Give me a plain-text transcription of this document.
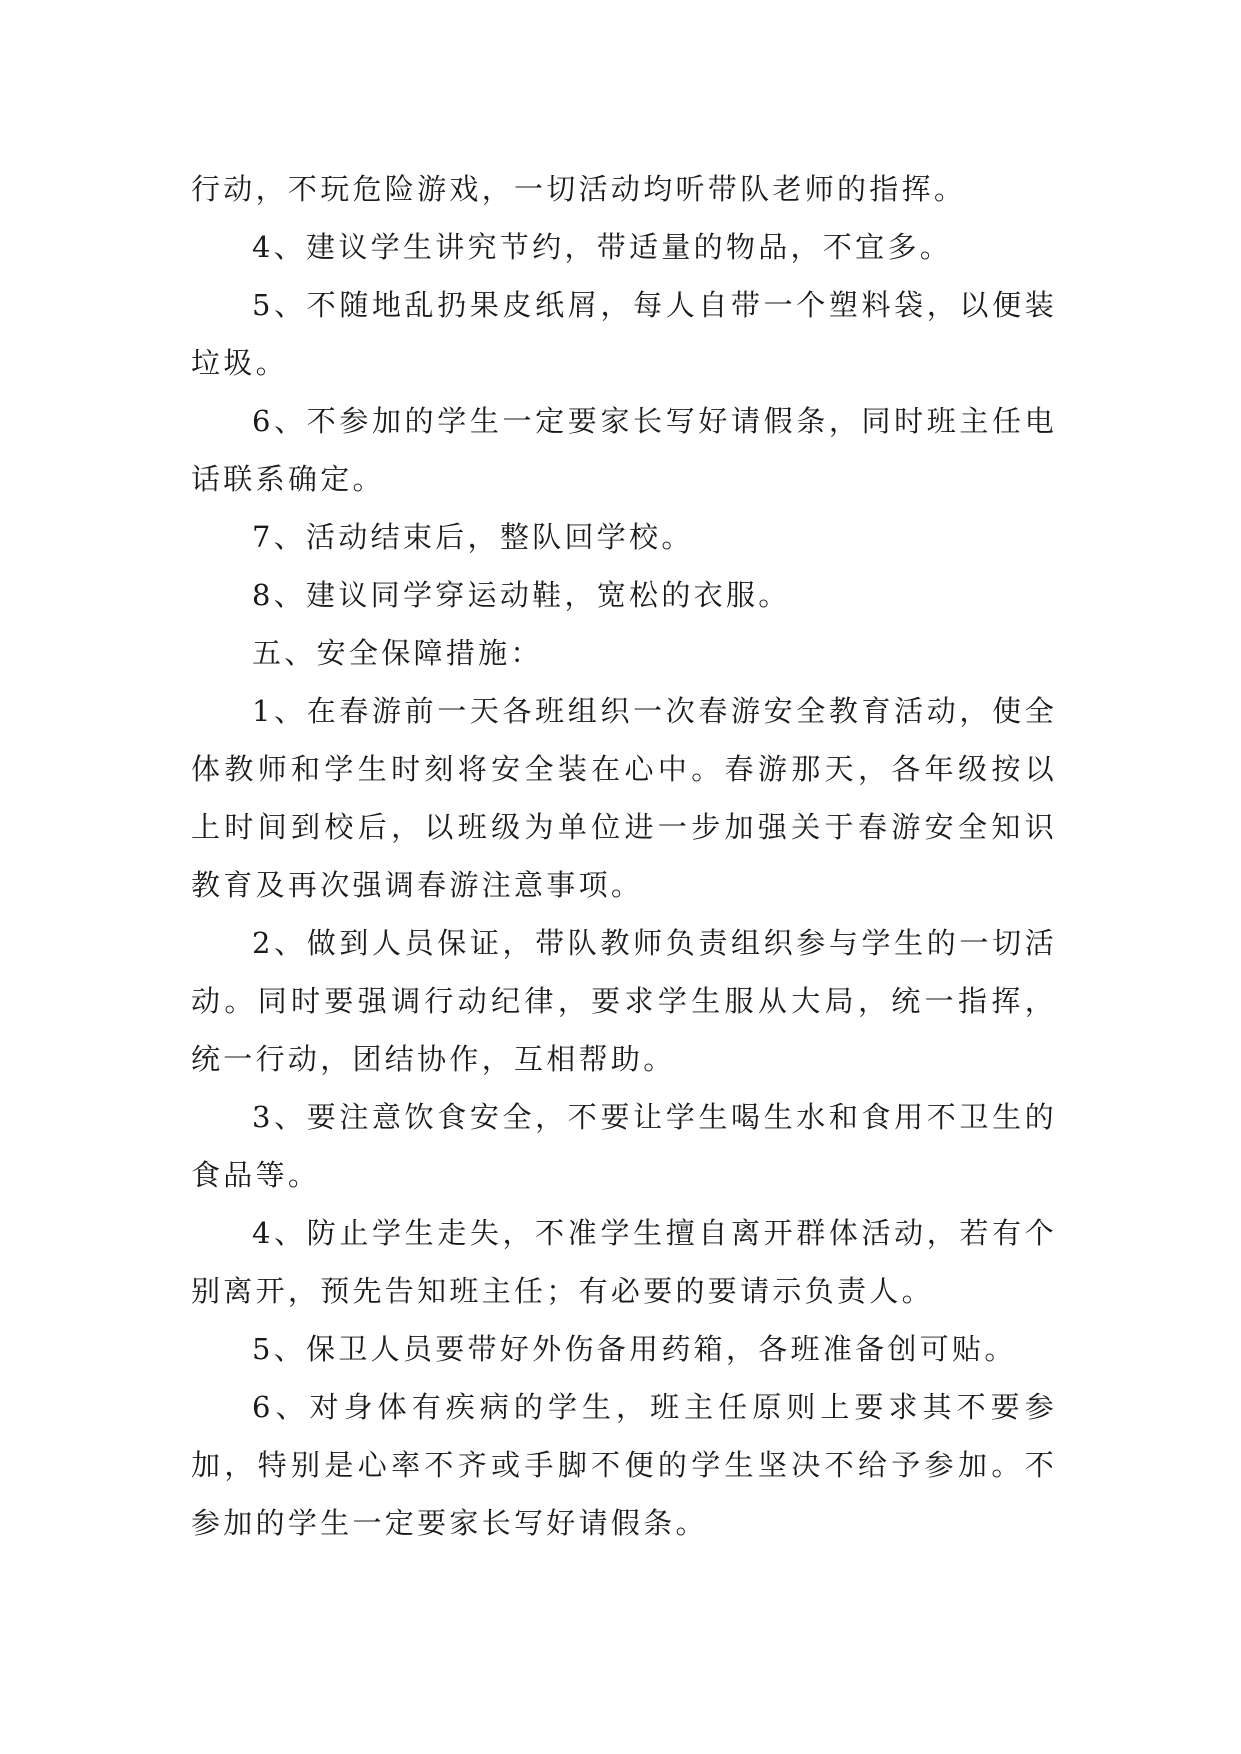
行动，不玩危险游戏，一切活动均听带队老师的指挥。

4、建议学生讲究节约，带适量的物品，不宜多。

5、不随地乱扔果皮纸屑，每人自带一个塑料袋，以便装垃圾。

6、不参加的学生一定要家长写好请假条，同时班主任电话联系确定。

7、活动结束后，整队回学校。

8、建议同学穿运动鞋，宽松的衣服。

五、安全保障措施：

1、在春游前一天各班组织一次春游安全教育活动，使全体教师和学生时刻将安全装在心中。春游那天，各年级按以上时间到校后，以班级为单位进一步加强关于春游安全知识教育及再次强调春游注意事项。

2、做到人员保证，带队教师负责组织参与学生的一切活动。同时要强调行动纪律，要求学生服从大局，统一指挥，统一行动，团结协作，互相帮助。

3、要注意饮食安全，不要让学生喝生水和食用不卫生的食品等。

4、防止学生走失，不准学生擅自离开群体活动，若有个别离开，预先告知班主任；有必要的要请示负责人。

5、保卫人员要带好外伤备用药箱，各班准备创可贴。

6、对身体有疾病的学生，班主任原则上要求其不要参加，特别是心率不齐或手脚不便的学生坚决不给予参加。不参加的学生一定要家长写好请假条。
